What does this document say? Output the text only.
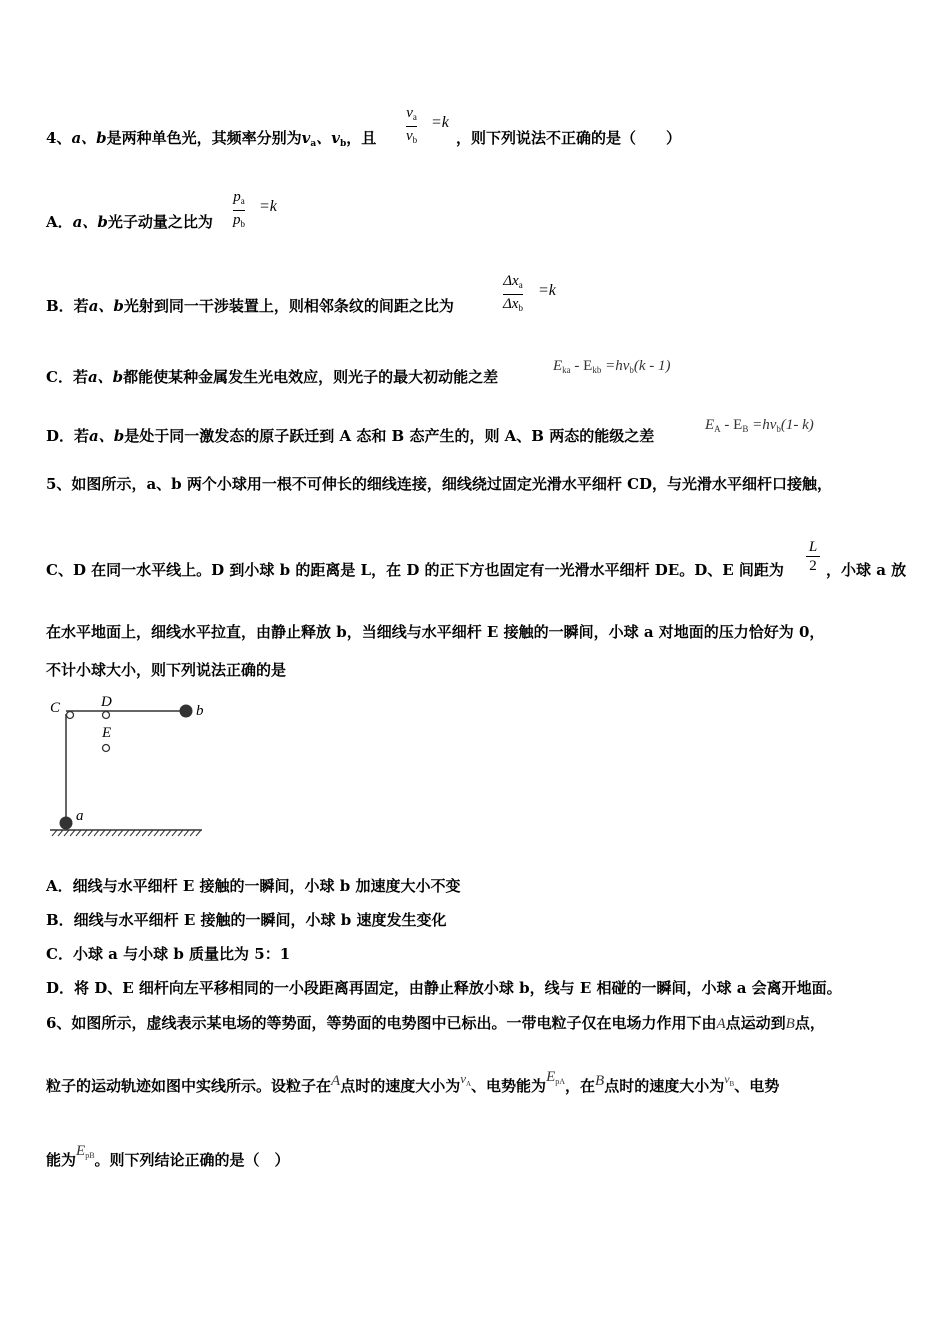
4、a、b是两种单色光，其频率分别为$v_a$、$v_b$，且
$v_a$
$v_b$
=k
，则下列说法不正确的是（　　）
A．a、b光子动量之比为
$p_a$
$p_b$
=k
B．若a、b光射到同一干涉装置上，则相邻条纹的间距之比为
$\Delta x_a$
$\Delta x_b$
=k
C．若a、b都能使某种金属发生光电效应，则光子的最大初动能之差
$E_{ka} - E_{kb} =hv_b(k - 1)$
D．若a、b是处于同一激发态的原子跃迁到 A 态和 B 态产生的，则 A、B 两态的能级之差
$E_A - E_B =hv_b(1-$ k)
5、如图所示，a、b 两个小球用一根不可伸长的细线连接，细线绕过固定光滑水平细杆 CD，与光滑水平细杆口接触，
C、D 在同一水平线上。D 到小球 b 的距离是 L，在 D 的正下方也固定有一光滑水平细杆 DE。D、E 间距为
L
2 ，小球 a 放
在水平地面上，细线水平拉直，由静止释放 b，当细线与水平细杆 E 接触的一瞬间，小球 a 对地面的压力恰好为 0，
不计小球大小，则下列说法正确的是
C	D
E
b
a
A．细线与水平细杆 E 接触的一瞬间，小球 b 加速度大小不变
B．细线与水平细杆 E 接触的一瞬间，小球 b 速度发生变化
C．小球 a 与小球 b 质量比为 5：1
D．将 D、E 细杆向左平移相同的一小段距离再固定，由静止释放小球 b，线与 E 相碰的一瞬间，小球 a 会离开地面。
6、如图所示，虚线表示某电场的等势面，等势面的电势图中已标出。一带电粒子仅在电场力作用下由A点运动到B点，
粒子的运动轨迹如图中实线所示。设粒子在A点时的速度大小为$v_A$、电势能为$E_{pA}$，在B点时的速度大小为$^{v_B}$、电势
能为$E_{pB}$。则下列结论正确的是（　）
